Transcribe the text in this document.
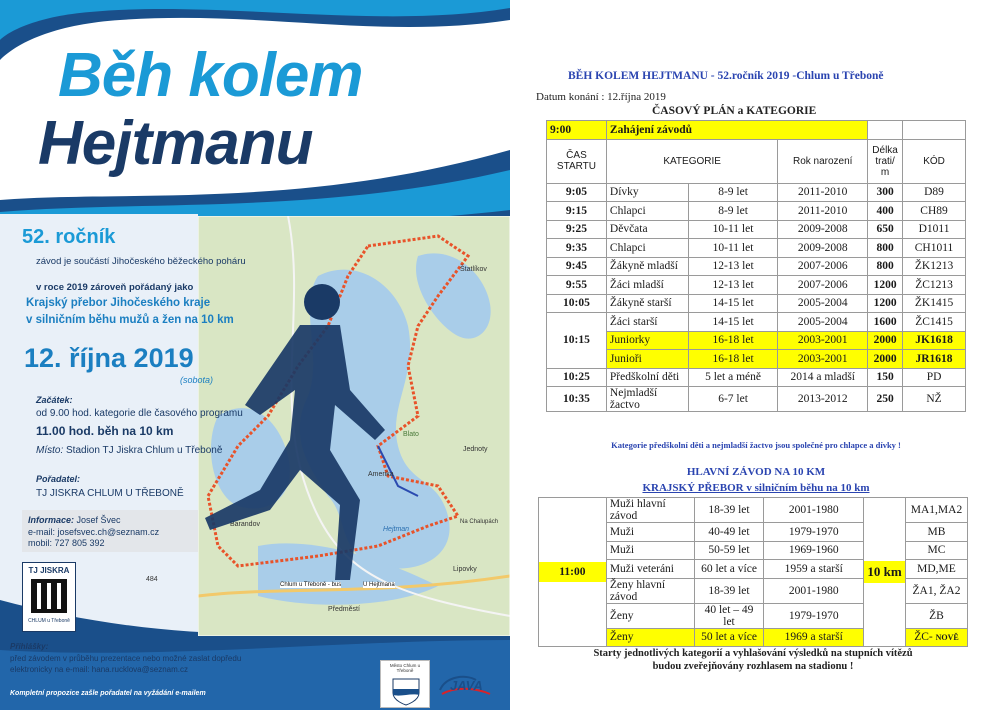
Běh kolem
Hejtmanu
Štatlíkov
Hejtman
Blato
Jednoty
Amerika
Na Chalupách
Lipovky
Chlum u Třeboně - bus	U Hejtmana
Předměstí
Barandov
484
52. ročník
závod je součástí Jihočeského běžeckého poháru
v roce 2019 zároveň pořádaný jako
Krajský přebor Jihočeského kraje
v silničním běhu mužů a žen na 10 km
12. října 2019
(sobota)
Začátek:
od 9.00 hod. kategorie dle časového programu
11.00 hod. běh na 10 km
Místo: Stadion TJ Jiskra Chlum u Třeboně
Pořadatel:
TJ JISKRA CHLUM U TŘEBONĚ
Informace: Josef Švec
e-mail: josefsvec.ch@seznam.cz
mobil: 727 805 392
TJ JISKRA
CHLUM u Třeboně
Přihlášky:
před závodem v průběhu prezentace nebo možné zaslat dopředu
elektronicky na e-mail: hana.rucklova@seznam.cz
Kompletní propozice zašle pořadatel na vyžádání e-mailem
Město Chlum u Třeboně
JAVA
BĚH KOLEM HEJTMANU - 52.ročník 2019 -Chlum u Třeboně
Datum konání : 12.října 2019
ČASOVÝ PLÁN a KATEGORIE
9:00	Zahájení závodů				
ČAS STARTU	KATEGORIE		Rok narození	Délka trati/ m	KÓD
9:05	Dívky	8-9 let	2011-2010	300	D89
9:15	Chlapci	8-9 let	2011-2010	400	CH89
9:25	Děvčata	10-11 let	2009-2008	650	D1011
9:35	Chlapci	10-11 let	2009-2008	800	CH1011
9:45	Žákyně mladší	12-13 let	2007-2006	800	ŽK1213
9:55	Žáci mladší	12-13 let	2007-2006	1200	ŽC1213
10:05	Žákyně starší	14-15 let	2005-2004	1200	ŽK1415
10:15	Žáci starší	14-15 let	2005-2004	1600	ŽC1415
	Juniorky	16-18 let	2003-2001	2000	JK1618
	Junioři	16-18 let	2003-2001	2000	JR1618
10:25	Předškolní děti	5 let a méně	2014 a mladší	150	PD
10:35	Nejmladší žactvo	6-7 let	2013-2012	250	NŽ
Kategorie předškolní děti a nejmladší žactvo jsou společné pro chlapce a dívky !
HLAVNÍ ZÁVOD NA 10 KM
KRAJSKÝ PŘEBOR v silničním běhu na 10 km
11:00	Muži hlavní závod	18-39 let	2001-1980	10 km	MA1,MA2
	Muži	40-49 let	1979-1970		MB
	Muži	50-59 let	1969-1960		MC
	Muži veteráni	60 let a více	1959 a starší		MD,ME
	Ženy hlavní závod	18-39 let	2001-1980		ŽA1, ŽA2
	Ženy	40 let – 49 let	1979-1970		ŽB
	Ženy	50 let a více	1969 a starší		ŽC- NOVĚ
Starty jednotlivých kategorií a vyhlašování výsledků na stupních vítězů
budou zveřejňovány rozhlasem na stadionu !
